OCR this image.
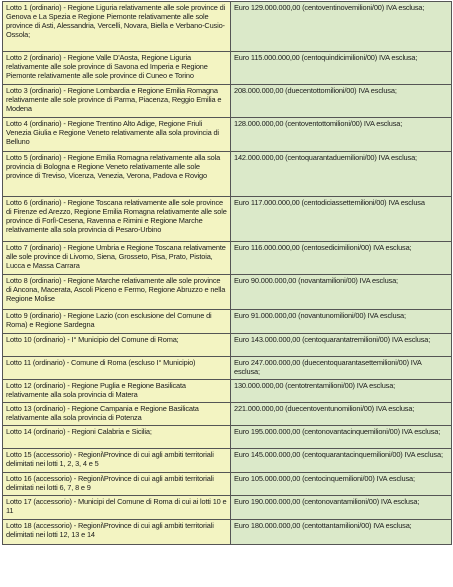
Lotto 1 (ordinario) - Regione Liguria relativamente alle sole province di Genova e La Spezia e Regione Piemonte relativamente alle sole province di Asti, Alessandria, Vercelli, Novara, Biella e Verbano-Cusio-Ossola;	Euro 129.000.000,00 (centoventinovemilioni/00) IVA esclusa;
Lotto 2 (ordinario) - Regione Valle D'Aosta, Regione Liguria relativamente alle sole province di Savona ed Imperia e Regione Piemonte relativamente alle sole province di Cuneo e Torino	Euro 115.000.000,00 (centoquindicimilioni/00) IVA esclusa;
Lotto 3 (ordinario) - Regione Lombardia e Regione Emilia Romagna relativamente alle sole province di Parma, Piacenza, Reggio Emilia e Modena	208.000.000,00 (duecentottomilioni/00) IVA esclusa;
Lotto 4 (ordinario) - Regione Trentino Alto Adige, Regione Friuli Venezia Giulia e Regione Veneto relativamente alla sola provincia di Belluno	128.000.000,00 (centoventottomilioni/00) IVA esclusa;
Lotto 5 (ordinario) - Regione Emilia Romagna relativamente alla sola provincia di Bologna e Regione Veneto relativamente alle sole province di Treviso, Vicenza, Venezia, Verona, Padova e Rovigo	142.000.000,00 (centoquarantaduemilioni/00) IVA esclusa;
Lotto 6 (ordinario) - Regione Toscana relativamente alle sole province di Firenze ed Arezzo, Regione Emilia Romagna relativamente alle sole province di Forlì-Cesena, Ravenna e Rimini e Regione Marche relativamente alla sola provincia di Pesaro-Urbino	Euro 117.000.000,00 (centodiciassettemilioni/00) IVA esclusa
Lotto 7 (ordinario) - Regione Umbria e Regione Toscana relativamente alle sole province di Livorno, Siena, Grosseto, Pisa, Prato, Pistoia, Lucca e Massa Carrara	Euro 116.000.000,00 (centosedicimilioni/00) IVA esclusa;
Lotto 8 (ordinario) - Regione Marche relativamente alle sole province di Ancona, Macerata, Ascoli Piceno e Fermo, Regione Abruzzo e nella Regione Molise	Euro 90.000.000,00 (novantamilioni/00) IVA esclusa;
Lotto 9 (ordinario) - Regione Lazio (con esclusione del Comune di Roma) e Regione Sardegna	Euro 91.000.000,00 (novantunomilioni/00) IVA esclusa;
Lotto 10 (ordinario) - I° Municipio del Comune di Roma;	Euro 143.000.000,00 (centoquarantatremilioni/00) IVA esclusa;
Lotto 11 (ordinario) - Comune di Roma (escluso I° Municipio)	Euro 247.000.000,00 (duecentoquarantasettemilioni/00) IVA esclusa;
Lotto 12 (ordinario) - Regione Puglia e Regione Basilicata relativamente alla sola provincia di Matera	130.000.000,00 (centotrentamilioni/00) IVA esclusa;
Lotto 13 (ordinario) - Regione Campania e Regione Basilicata relativamente alla sola provincia di Potenza	221.000.000,00 (duecentoventunomilioni/00) IVA esclusa;
Lotto 14 (ordinario) - Regioni Calabria e Sicilia;	Euro 195.000.000,00 (centonovantacinquemilioni/00) IVA esclusa;
Lotto 15 (accessorio) - Regioni\Province di cui agli ambiti territoriali delimitati nei lotti 1, 2, 3, 4 e 5	Euro 145.000.000,00 (centoquarantacinquemilioni/00) IVA esclusa;
Lotto 16 (accessorio) - Regioni\Province di cui agli ambiti territoriali delimitati nei lotti 6, 7, 8 e 9	Euro 105.000.000,00 (centocinquemilioni/00) IVA esclusa;
Lotto 17 (accessorio) - Municipi del Comune di Roma di cui ai lotti 10 e 11	Euro 190.000.000,00 (centonovantamilioni/00) IVA esclusa;
Lotto 18 (accessorio) - Regioni\Province di cui agli ambiti territoriali delimitati nei lotti 12, 13 e 14	Euro 180.000.000,00 (centottantamilioni/00) IVA esclusa;
